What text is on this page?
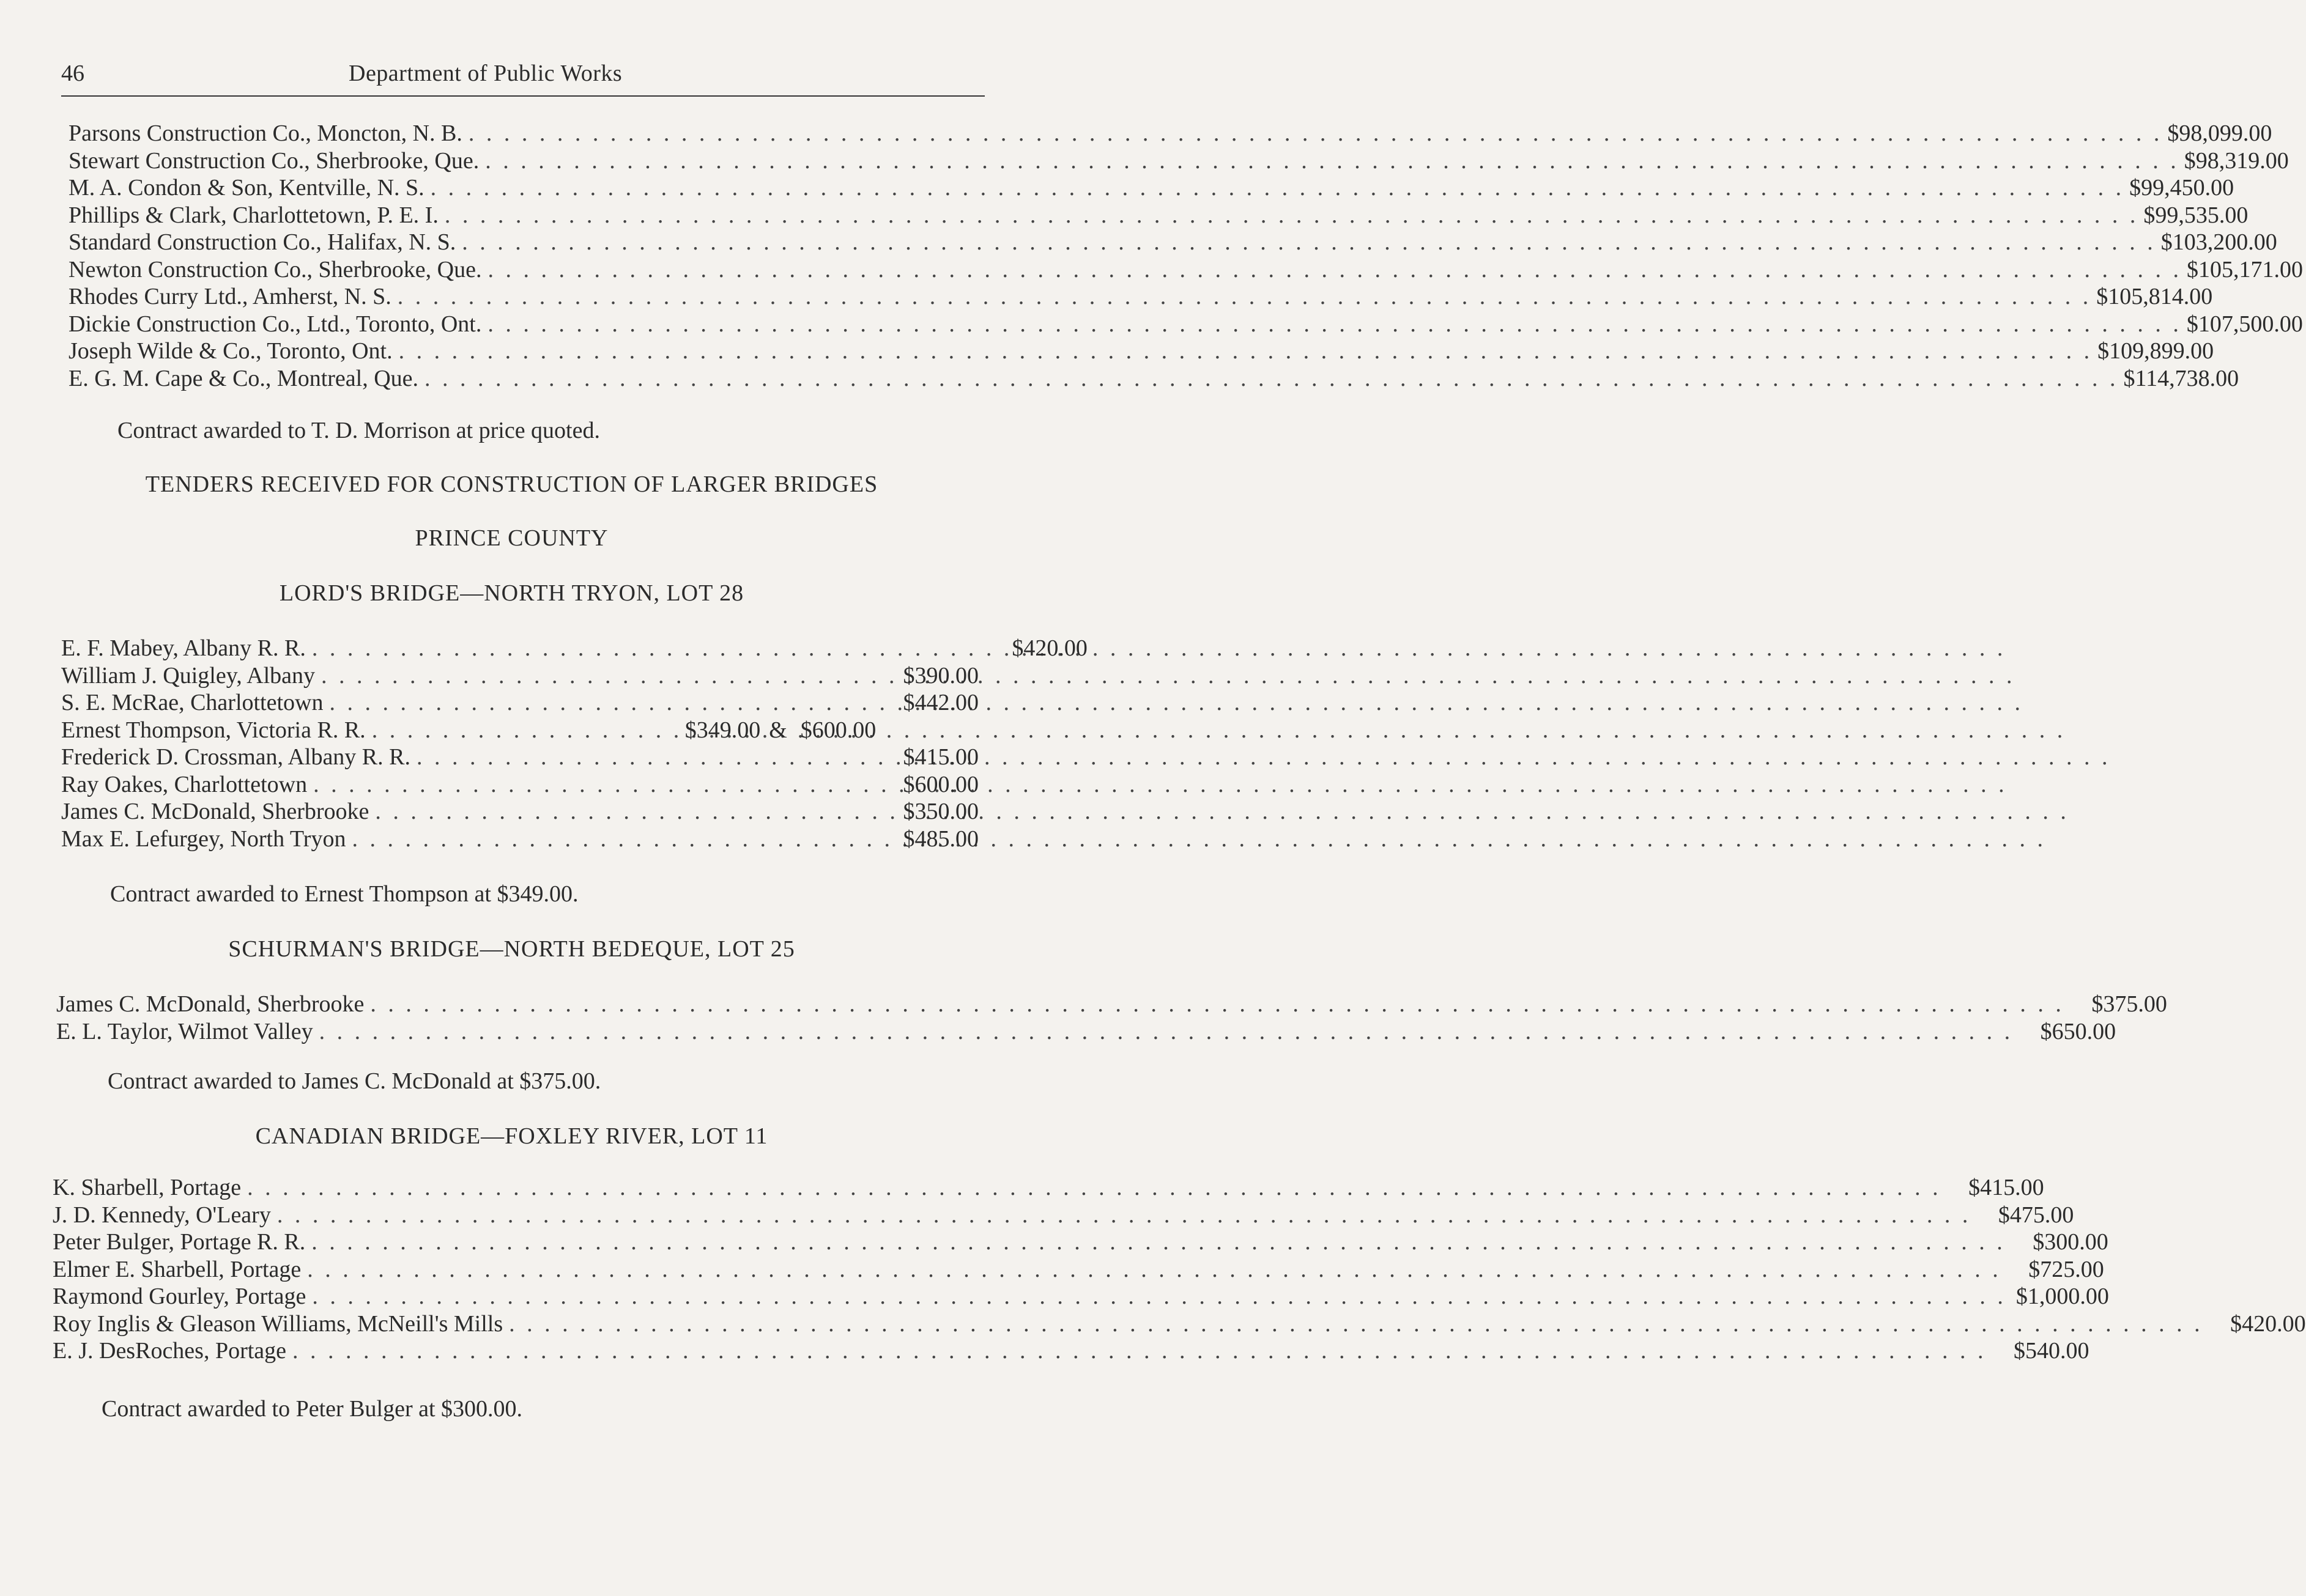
46	Department of Public Works
Parsons Construction Co., Moncton, N. B. . . .	$98,099.00
Stewart Construction Co., Sherbrooke, Que. . . .	$98,319.00
M. A. Condon & Son, Kentville, N. S. . . .	$99,450.00
Phillips & Clark, Charlottetown, P. E. I. . . .	$99,535.00
Standard Construction Co., Halifax, N. S. . . .	$103,200.00
Newton Construction Co., Sherbrooke, Que. . . .	$105,171.00
Rhodes Curry Ltd., Amherst, N. S. . . .	$105,814.00
Dickie Construction Co., Ltd., Toronto, Ont. . . .	$107,500.00
Joseph Wilde & Co., Toronto, Ont. . . .	$109,899.00
E. G. M. Cape & Co., Montreal, Que. . . .	$114,738.00
Contract awarded to T. D. Morrison at price quoted.
TENDERS RECEIVED FOR CONSTRUCTION OF LARGER BRIDGES
PRINCE COUNTY
LORD'S BRIDGE—NORTH TRYON, LOT 28
E. F. Mabey, Albany R. R. . . .	$420.00
William J. Quigley, Albany . . .	$390.00
S. E. McRae, Charlottetown . . .	$442.00
Ernest Thompson, Victoria R. R. . . .	$349.00 & $600.00
Frederick D. Crossman, Albany R. R. . . .	$415.00
Ray Oakes, Charlottetown . . .	$600.00
James C. McDonald, Sherbrooke . . .	$350.00
Max E. Lefurgey, North Tryon . . .	$485.00
Contract awarded to Ernest Thompson at $349.00.
SCHURMAN'S BRIDGE—NORTH BEDEQUE, LOT 25
James C. McDonald, Sherbrooke . . .	$375.00
E. L. Taylor, Wilmot Valley . . .	$650.00
Contract awarded to James C. McDonald at $375.00.
CANADIAN BRIDGE—FOXLEY RIVER, LOT 11
K. Sharbell, Portage . . .	$415.00
J. D. Kennedy, O'Leary . . .	$475.00
Peter Bulger, Portage R. R. . . .	$300.00
Elmer E. Sharbell, Portage . . .	$725.00
Raymond Gourley, Portage . . .	$1,000.00
Roy Inglis & Gleason Williams, McNeill's Mills . . .	$420.00
E. J. DesRoches, Portage . . .	$540.00
Contract awarded to Peter Bulger at $300.00.
